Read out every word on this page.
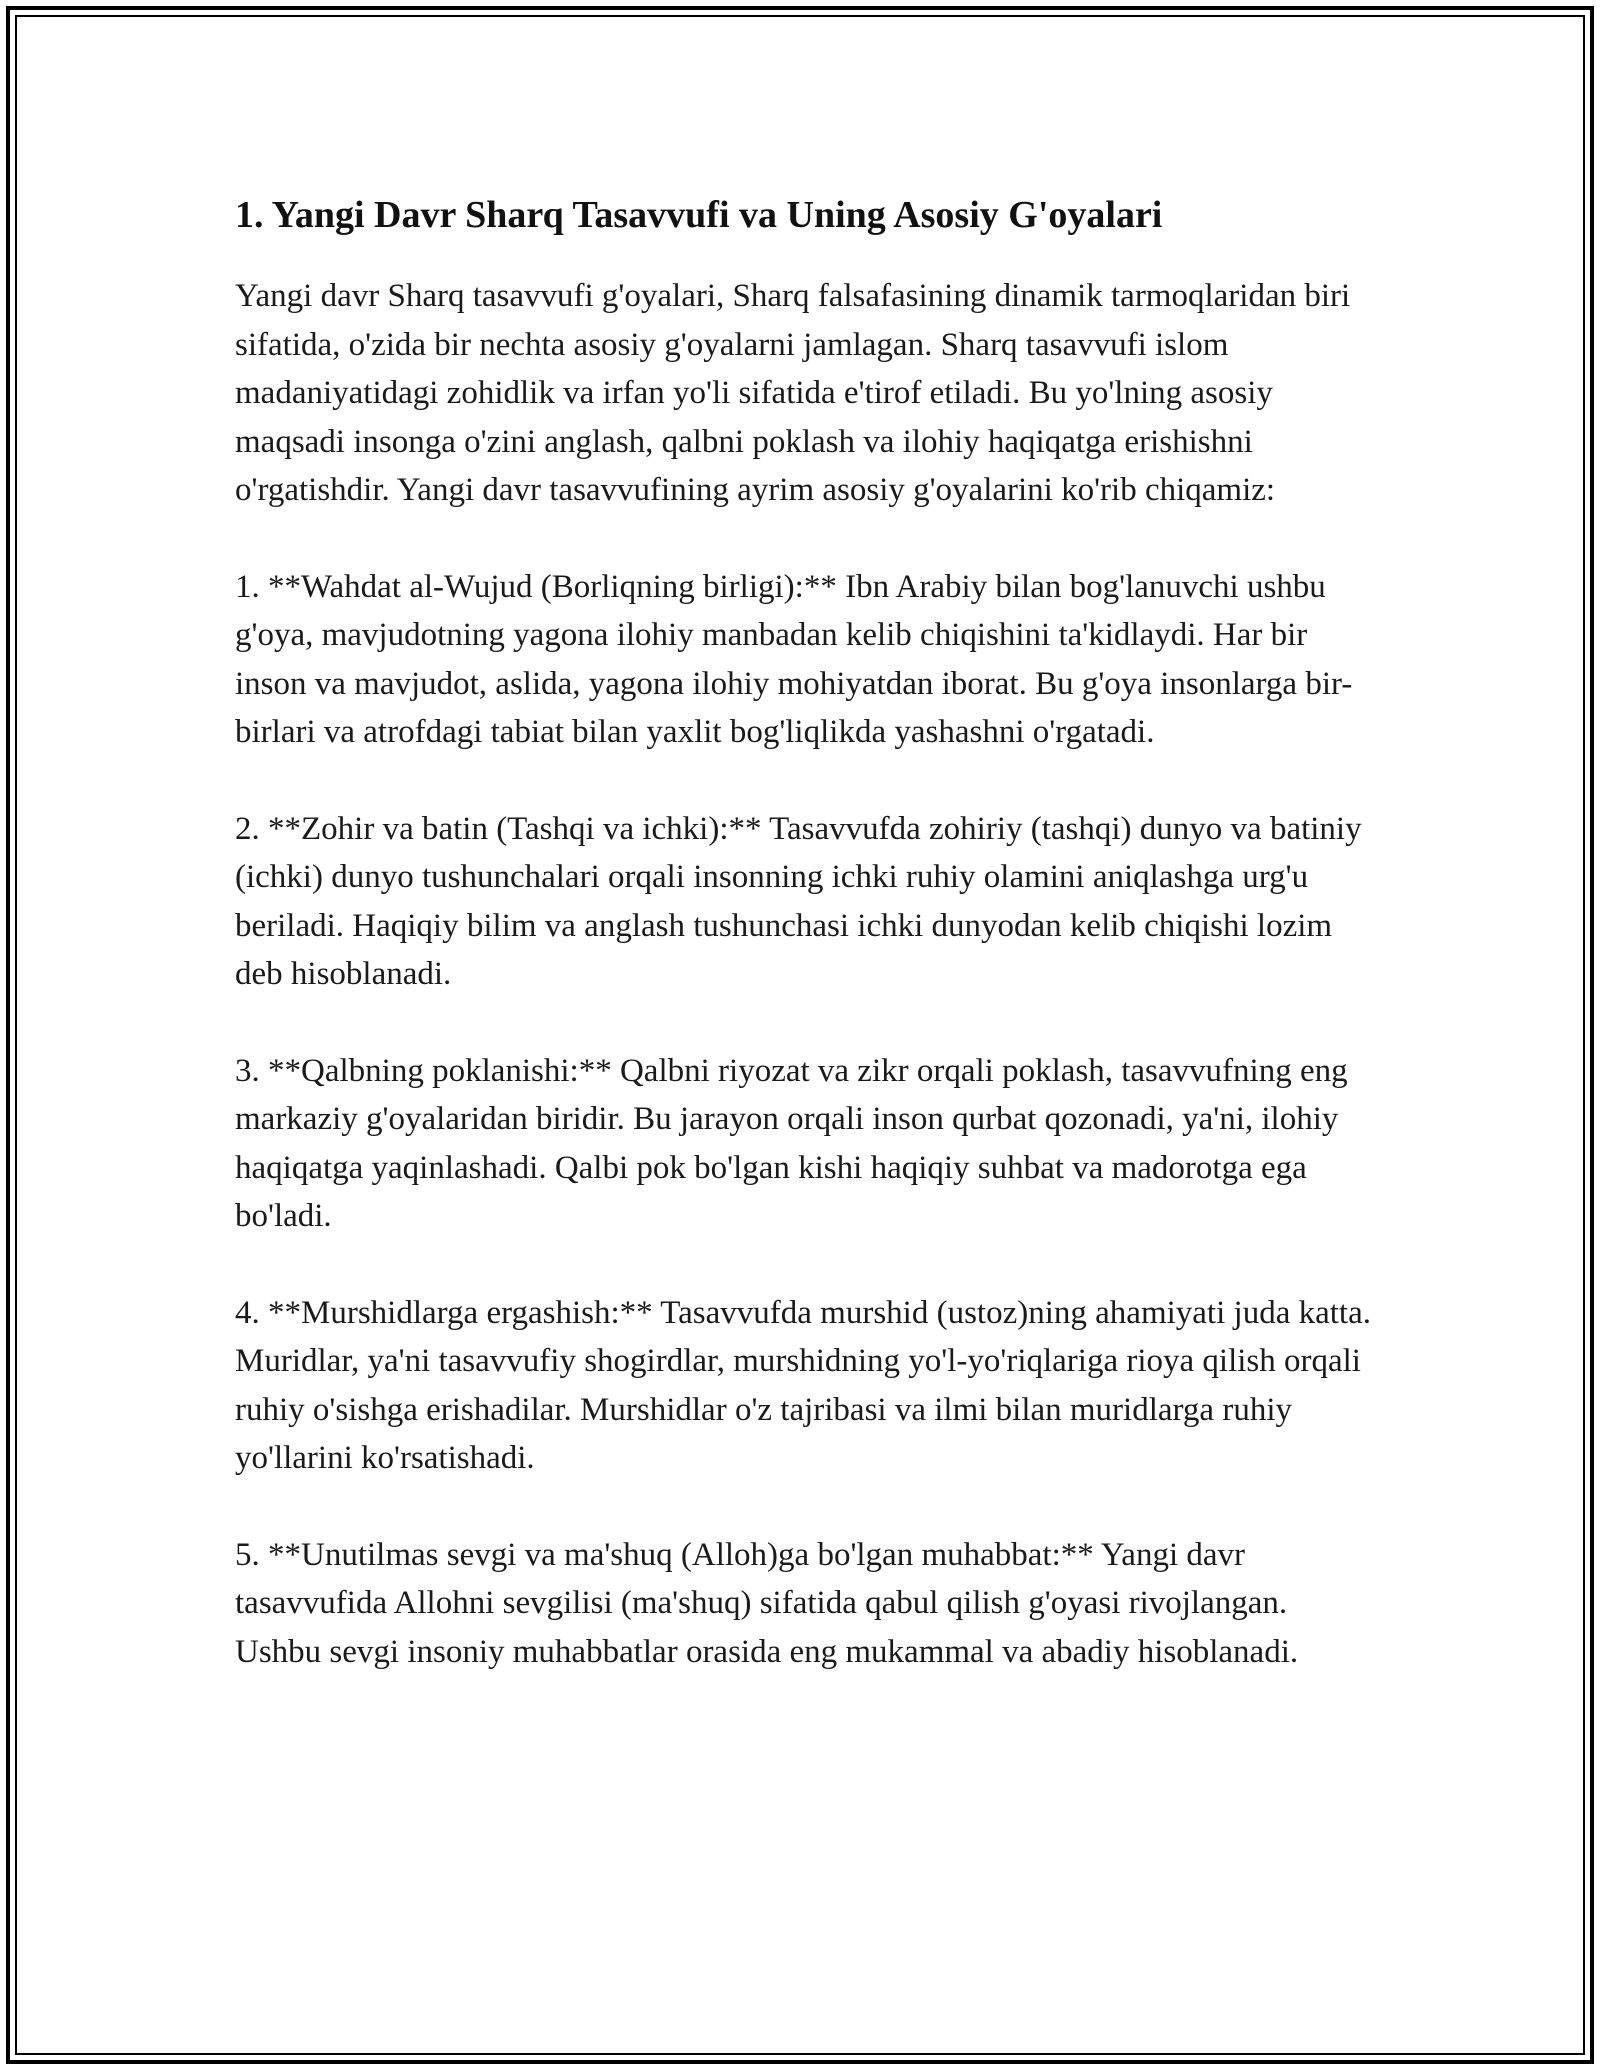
1. Yangi Davr Sharq Tasavvufi va Uning Asosiy G'oyalari

Yangi davr Sharq tasavvufi g'oyalari, Sharq falsafasining dinamik tarmoqlaridan biri sifatida, o'zida bir nechta asosiy g'oyalarni jamlagan. Sharq tasavvufi islom madaniyatidagi zohidlik va irfan yo'li sifatida e'tirof etiladi. Bu yo'lning asosiy maqsadi insonga o'zini anglash, qalbni poklash va ilohiy haqiqatga erishishni o'rgatishdir. Yangi davr tasavvufining ayrim asosiy g'oyalarini ko'rib chiqamiz:

1. **Wahdat al-Wujud (Borliqning birligi):** Ibn Arabiy bilan bog'lanuvchi ushbu g'oya, mavjudotning yagona ilohiy manbadan kelib chiqishini ta'kidlaydi. Har bir inson va mavjudot, aslida, yagona ilohiy mohiyatdan iborat. Bu g'oya insonlarga bir-birlari va atrofdagi tabiat bilan yaxlit bog'liqlikda yashashni o'rgatadi.

2. **Zohir va batin (Tashqi va ichki):** Tasavvufda zohiriy (tashqi) dunyo va batiniy (ichki) dunyo tushunchalari orqali insonning ichki ruhiy olamini aniqlashga urg'u beriladi. Haqiqiy bilim va anglash tushunchasi ichki dunyodan kelib chiqishi lozim deb hisoblanadi.

3. **Qalbning poklanishi:** Qalbni riyozat va zikr orqali poklash, tasavvufning eng markaziy g'oyalaridan biridir. Bu jarayon orqali inson qurbat qozonadi, ya'ni, ilohiy haqiqatga yaqinlashadi. Qalbi pok bo'lgan kishi haqiqiy suhbat va madorotga ega bo'ladi.

4. **Murshidlarga ergashish:** Tasavvufda murshid (ustoz)ning ahamiyati juda katta. Muridlar, ya'ni tasavvufiy shogirdlar, murshidning yo'l-yo'riqlariga rioya qilish orqali ruhiy o'sishga erishadilar. Murshidlar o'z tajribasi va ilmi bilan muridlarga ruhiy yo'llarini ko'rsatishadi.

5. **Unutilmas sevgi va ma'shuq (Alloh)ga bo'lgan muhabbat:** Yangi davr tasavvufida Allohni sevgilisi (ma'shuq) sifatida qabul qilish g'oyasi rivojlangan. Ushbu sevgi insoniy muhabbatlar orasida eng mukammal va abadiy hisoblanadi.
